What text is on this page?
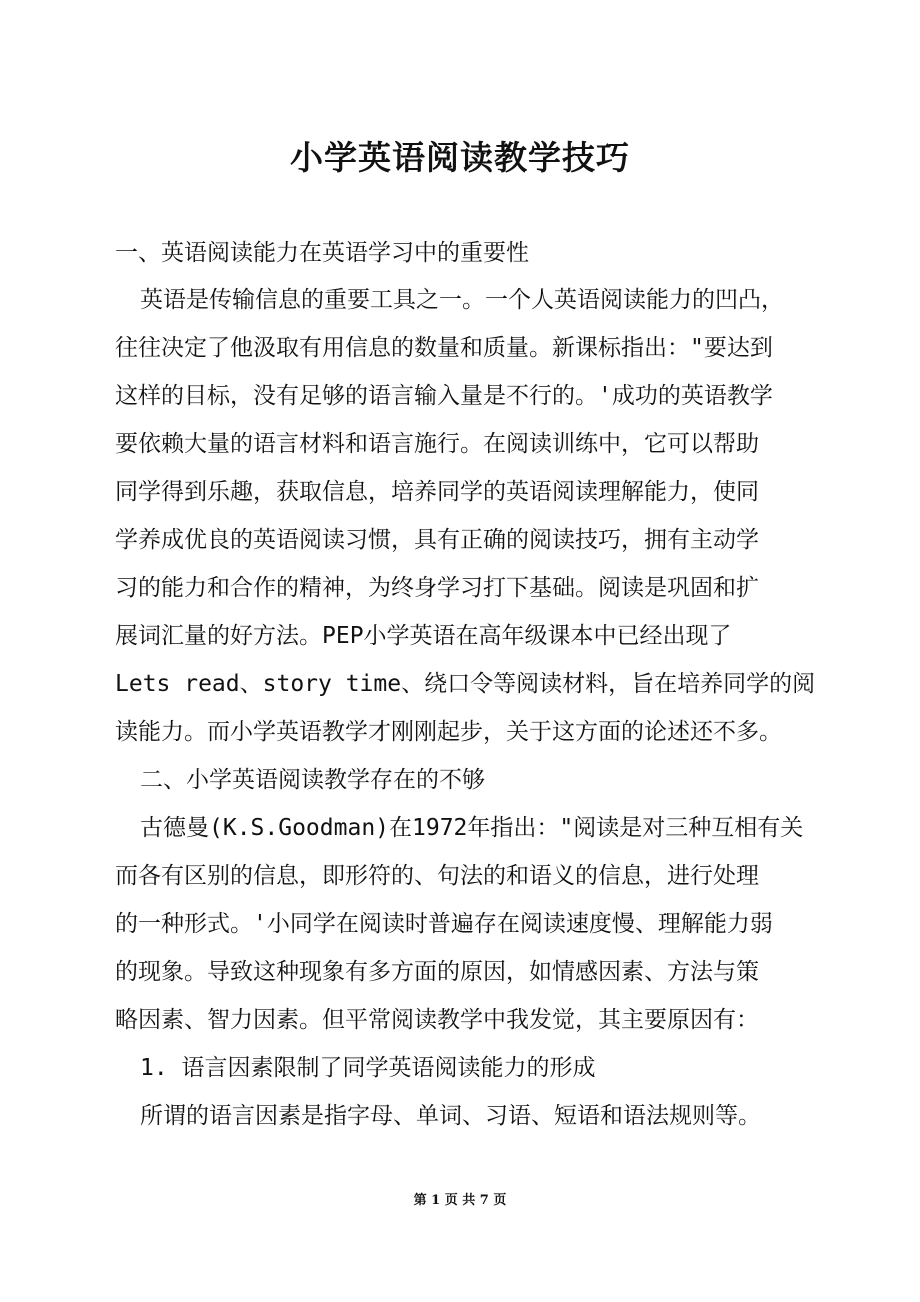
小学英语阅读教学技巧
一、英语阅读能力在英语学习中的重要性
英语是传输信息的重要工具之一。一个人英语阅读能力的凹凸，
往往决定了他汲取有用信息的数量和质量。新课标指出："要达到
这样的目标，没有足够的语言输入量是不行的。'成功的英语教学
要依赖大量的语言材料和语言施行。在阅读训练中，它可以帮助
同学得到乐趣，获取信息，培养同学的英语阅读理解能力，使同
学养成优良的英语阅读习惯，具有正确的阅读技巧，拥有主动学
习的能力和合作的精神，为终身学习打下基础。阅读是巩固和扩
展词汇量的好方法。PEP小学英语在高年级课本中已经出现了
Lets read、story time、绕口令等阅读材料，旨在培养同学的阅
读能力。而小学英语教学才刚刚起步，关于这方面的论述还不多。
二、小学英语阅读教学存在的不够
古德曼(K.S.Goodman)在1972年指出："阅读是对三种互相有关
而各有区别的信息，即形符的、句法的和语义的信息，进行处理
的一种形式。'小同学在阅读时普遍存在阅读速度慢、理解能力弱
的现象。导致这种现象有多方面的原因，如情感因素、方法与策
略因素、智力因素。但平常阅读教学中我发觉，其主要原因有：
1. 语言因素限制了同学英语阅读能力的形成
所谓的语言因素是指字母、单词、习语、短语和语法规则等。
第 1 页 共 7 页
